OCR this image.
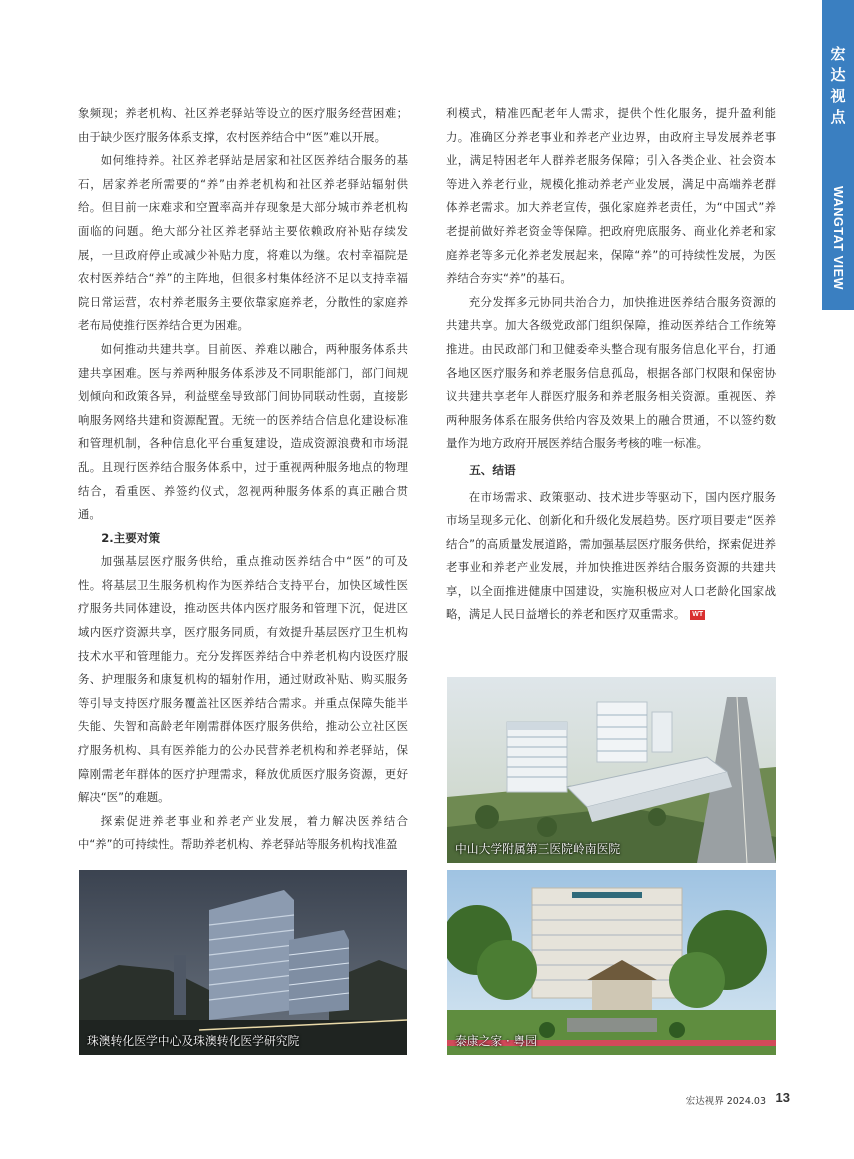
宏达视点
WANGTAT VIEW

象频现；养老机构、社区养老驿站等设立的医疗服务经营困难；由于缺少医疗服务体系支撑，农村医养结合中“医”难以开展。

如何维持养。社区养老驿站是居家和社区医养结合服务的基石，居家养老所需要的“养”由养老机构和社区养老驿站辐射供给。但目前一床难求和空置率高并存现象是大部分城市养老机构面临的问题。绝大部分社区养老驿站主要依赖政府补贴存续发展，一旦政府停止或减少补贴力度，将难以为继。农村幸福院是农村医养结合“养”的主阵地，但很多村集体经济不足以支持幸福院日常运营，农村养老服务主要依靠家庭养老，分散性的家庭养老布局使推行医养结合更为困难。

如何推动共建共享。目前医、养难以融合，两种服务体系共建共享困难。医与养两种服务体系涉及不同职能部门，部门间规划倾向和政策各异，利益壁垒导致部门间协同联动性弱，直接影响服务网络共建和资源配置。无统一的医养结合信息化建设标准和管理机制，各种信息化平台重复建设，造成资源浪费和市场混乱。且现行医养结合服务体系中，过于重视两种服务地点的物理结合，看重医、养签约仪式，忽视两种服务体系的真正融合贯通。

2.主要对策

加强基层医疗服务供给，重点推动医养结合中“医”的可及性。将基层卫生服务机构作为医养结合支持平台，加快区域性医疗服务共同体建设，推动医共体内医疗服务和管理下沉，促进区域内医疗资源共享，医疗服务同质，有效提升基层医疗卫生机构技术水平和管理能力。充分发挥医养结合中养老机构内设医疗服务、护理服务和康复机构的辐射作用，通过财政补贴、购买服务等引导支持医疗服务覆盖社区医养结合需求。并重点保障失能半失能、失智和高龄老年刚需群体医疗服务供给，推动公立社区医疗服务机构、具有医养能力的公办民营养老机构和养老驿站，保障刚需老年群体的医疗护理需求，释放优质医疗服务资源，更好解决“医”的难题。

探索促进养老事业和养老产业发展，着力解决医养结合中“养”的可持续性。帮助养老机构、养老驿站等服务机构找准盈

利模式，精准匹配老年人需求，提供个性化服务，提升盈利能力。准确区分养老事业和养老产业边界，由政府主导发展养老事业，满足特困老年人群养老服务保障；引入各类企业、社会资本等进入养老行业，规模化推动养老产业发展，满足中高端养老群体养老需求。加大养老宣传，强化家庭养老责任，为“中国式”养老提前做好养老资金等保障。把政府兜底服务、商业化养老和家庭养老等多元化养老发展起来，保障“养”的可持续性发展，为医养结合夯实“养”的基石。

充分发挥多元协同共治合力，加快推进医养结合服务资源的共建共享。加大各级党政部门组织保障，推动医养结合工作统筹推进。由民政部门和卫健委牵头整合现有服务信息化平台，打通各地区医疗服务和养老服务信息孤岛，根据各部门权限和保密协议共建共享老年人群医疗服务和养老服务相关资源。重视医、养两种服务体系在服务供给内容及效果上的融合贯通，不以签约数量作为地方政府开展医养结合服务考核的唯一标准。

五、结语

在市场需求、政策驱动、技术进步等驱动下，国内医疗服务市场呈现多元化、创新化和升级化发展趋势。医疗项目要走“医养结合”的高质量发展道路，需加强基层医疗服务供给，探索促进养老事业和养老产业发展，并加快推进医养结合服务资源的共建共享，以全面推进健康中国建设，实施积极应对人口老龄化国家战略，满足人民日益增长的养老和医疗双重需求。 WT

中山大学附属第三医院岭南医院
珠澳转化医学中心及珠澳转化医学研究院	泰康之家 · 粤园
宏达视界 2024.03 13
